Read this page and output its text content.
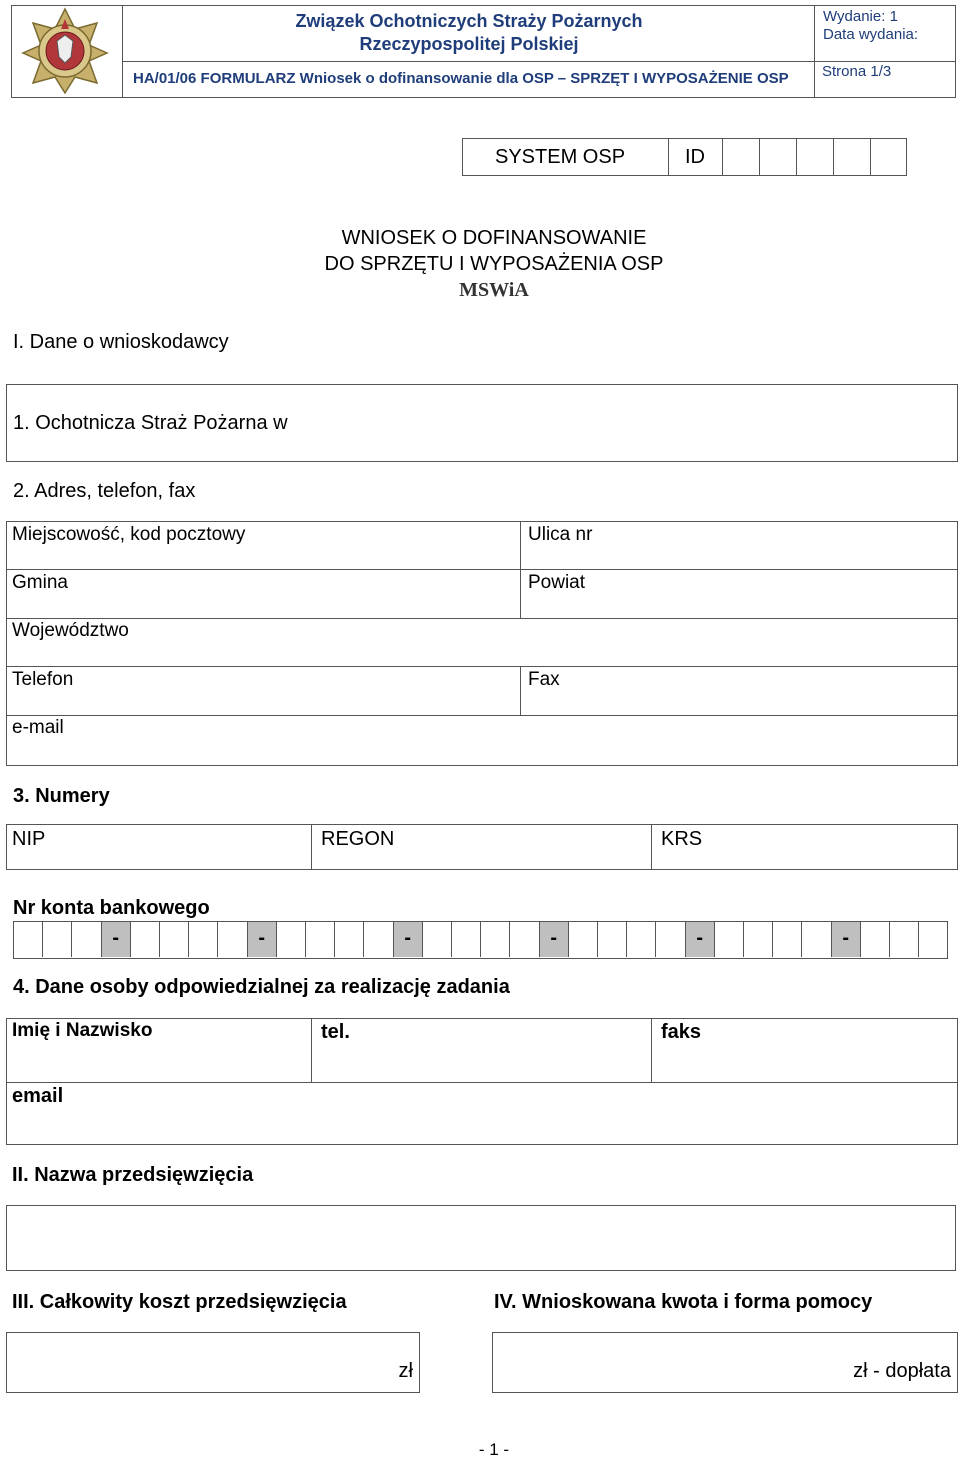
Związek Ochotniczych Straży Pożarnych
Rzeczypospolitej Polskiej
HA/01/06 FORMULARZ Wniosek o dofinansowanie dla OSP – SPRZĘT I WYPOSAŻENIE OSP
Wydanie: 1
Data wydania:
Strona 1/3
SYSTEM OSP	ID
WNIOSEK O DOFINANSOWANIE
DO SPRZĘTU I WYPOSAŻENIA OSP
MSWiA
I. Dane o wnioskodawcy
1. Ochotnicza Straż Pożarna w
2. Adres, telefon, fax
Miejscowość, kod pocztowy	Ulica nr
Gmina	Powiat
Województwo
Telefon	Fax
e-mail
3. Numery
NIP	REGON	KRS
Nr konta bankowego
-	-	-	-	-	-
4. Dane osoby odpowiedzialnej za realizację zadania
Imię i Nazwisko	tel.	faks
email
II. Nazwa przedsięwzięcia
III. Całkowity koszt przedsięwzięcia	IV. Wnioskowana kwota i forma pomocy
zł	zł - dopłata
- 1 -
